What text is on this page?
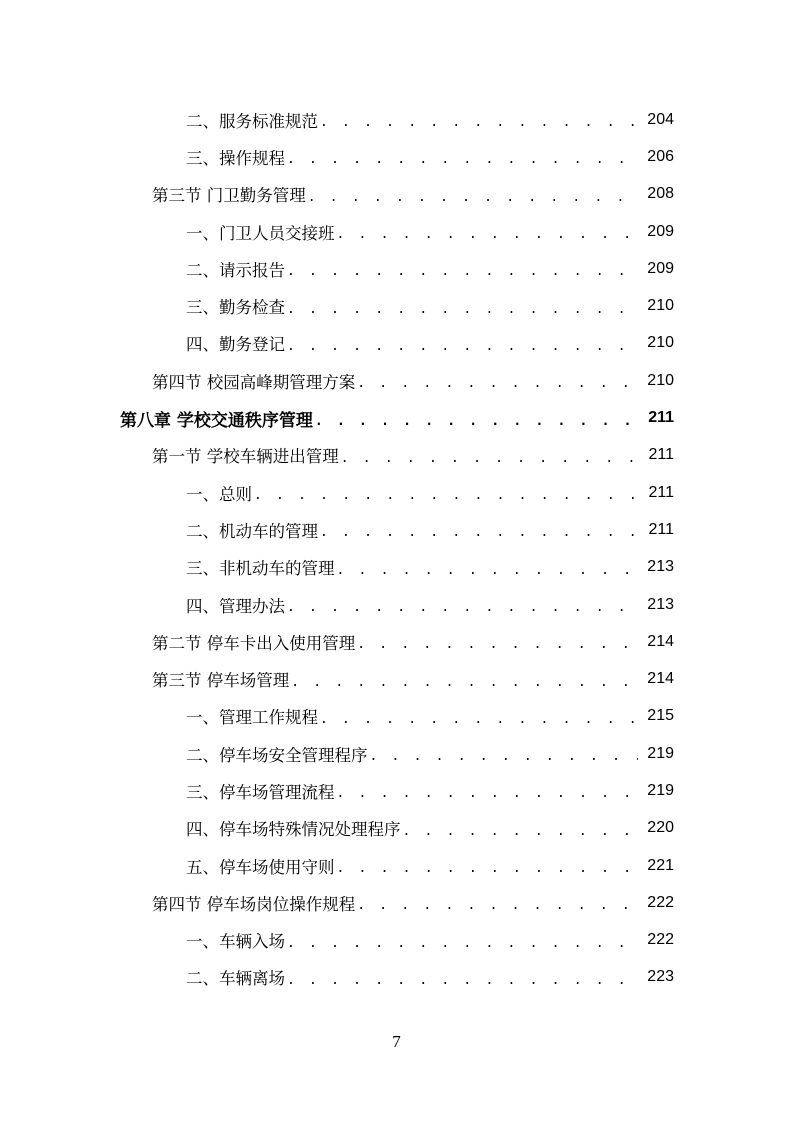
二、服务标准规范 . . .	204
三、操作规程 . . .	206
第三节 门卫勤务管理 . . .	208
一、门卫人员交接班 . . .	209
二、请示报告 . . .	209
三、勤务检查 . . .	210
四、勤务登记 . . .	210
第四节 校园高峰期管理方案 . . .	210
第八章 学校交通秩序管理 . . .	211
第一节 学校车辆进出管理 . . .	211
一、总则 . . .	211
二、机动车的管理 . . .	211
三、非机动车的管理 . . .	213
四、管理办法 . . .	213
第二节 停车卡出入使用管理 . . .	214
第三节 停车场管理 . . .	214
一、管理工作规程 . . .	215
二、停车场安全管理程序 . . .	219
三、停车场管理流程 . . .	219
四、停车场特殊情况处理程序 . . .	220
五、停车场使用守则 . . .	221
第四节 停车场岗位操作规程 . . .	222
一、车辆入场 . . .	222
二、车辆离场 . . .	223
7
